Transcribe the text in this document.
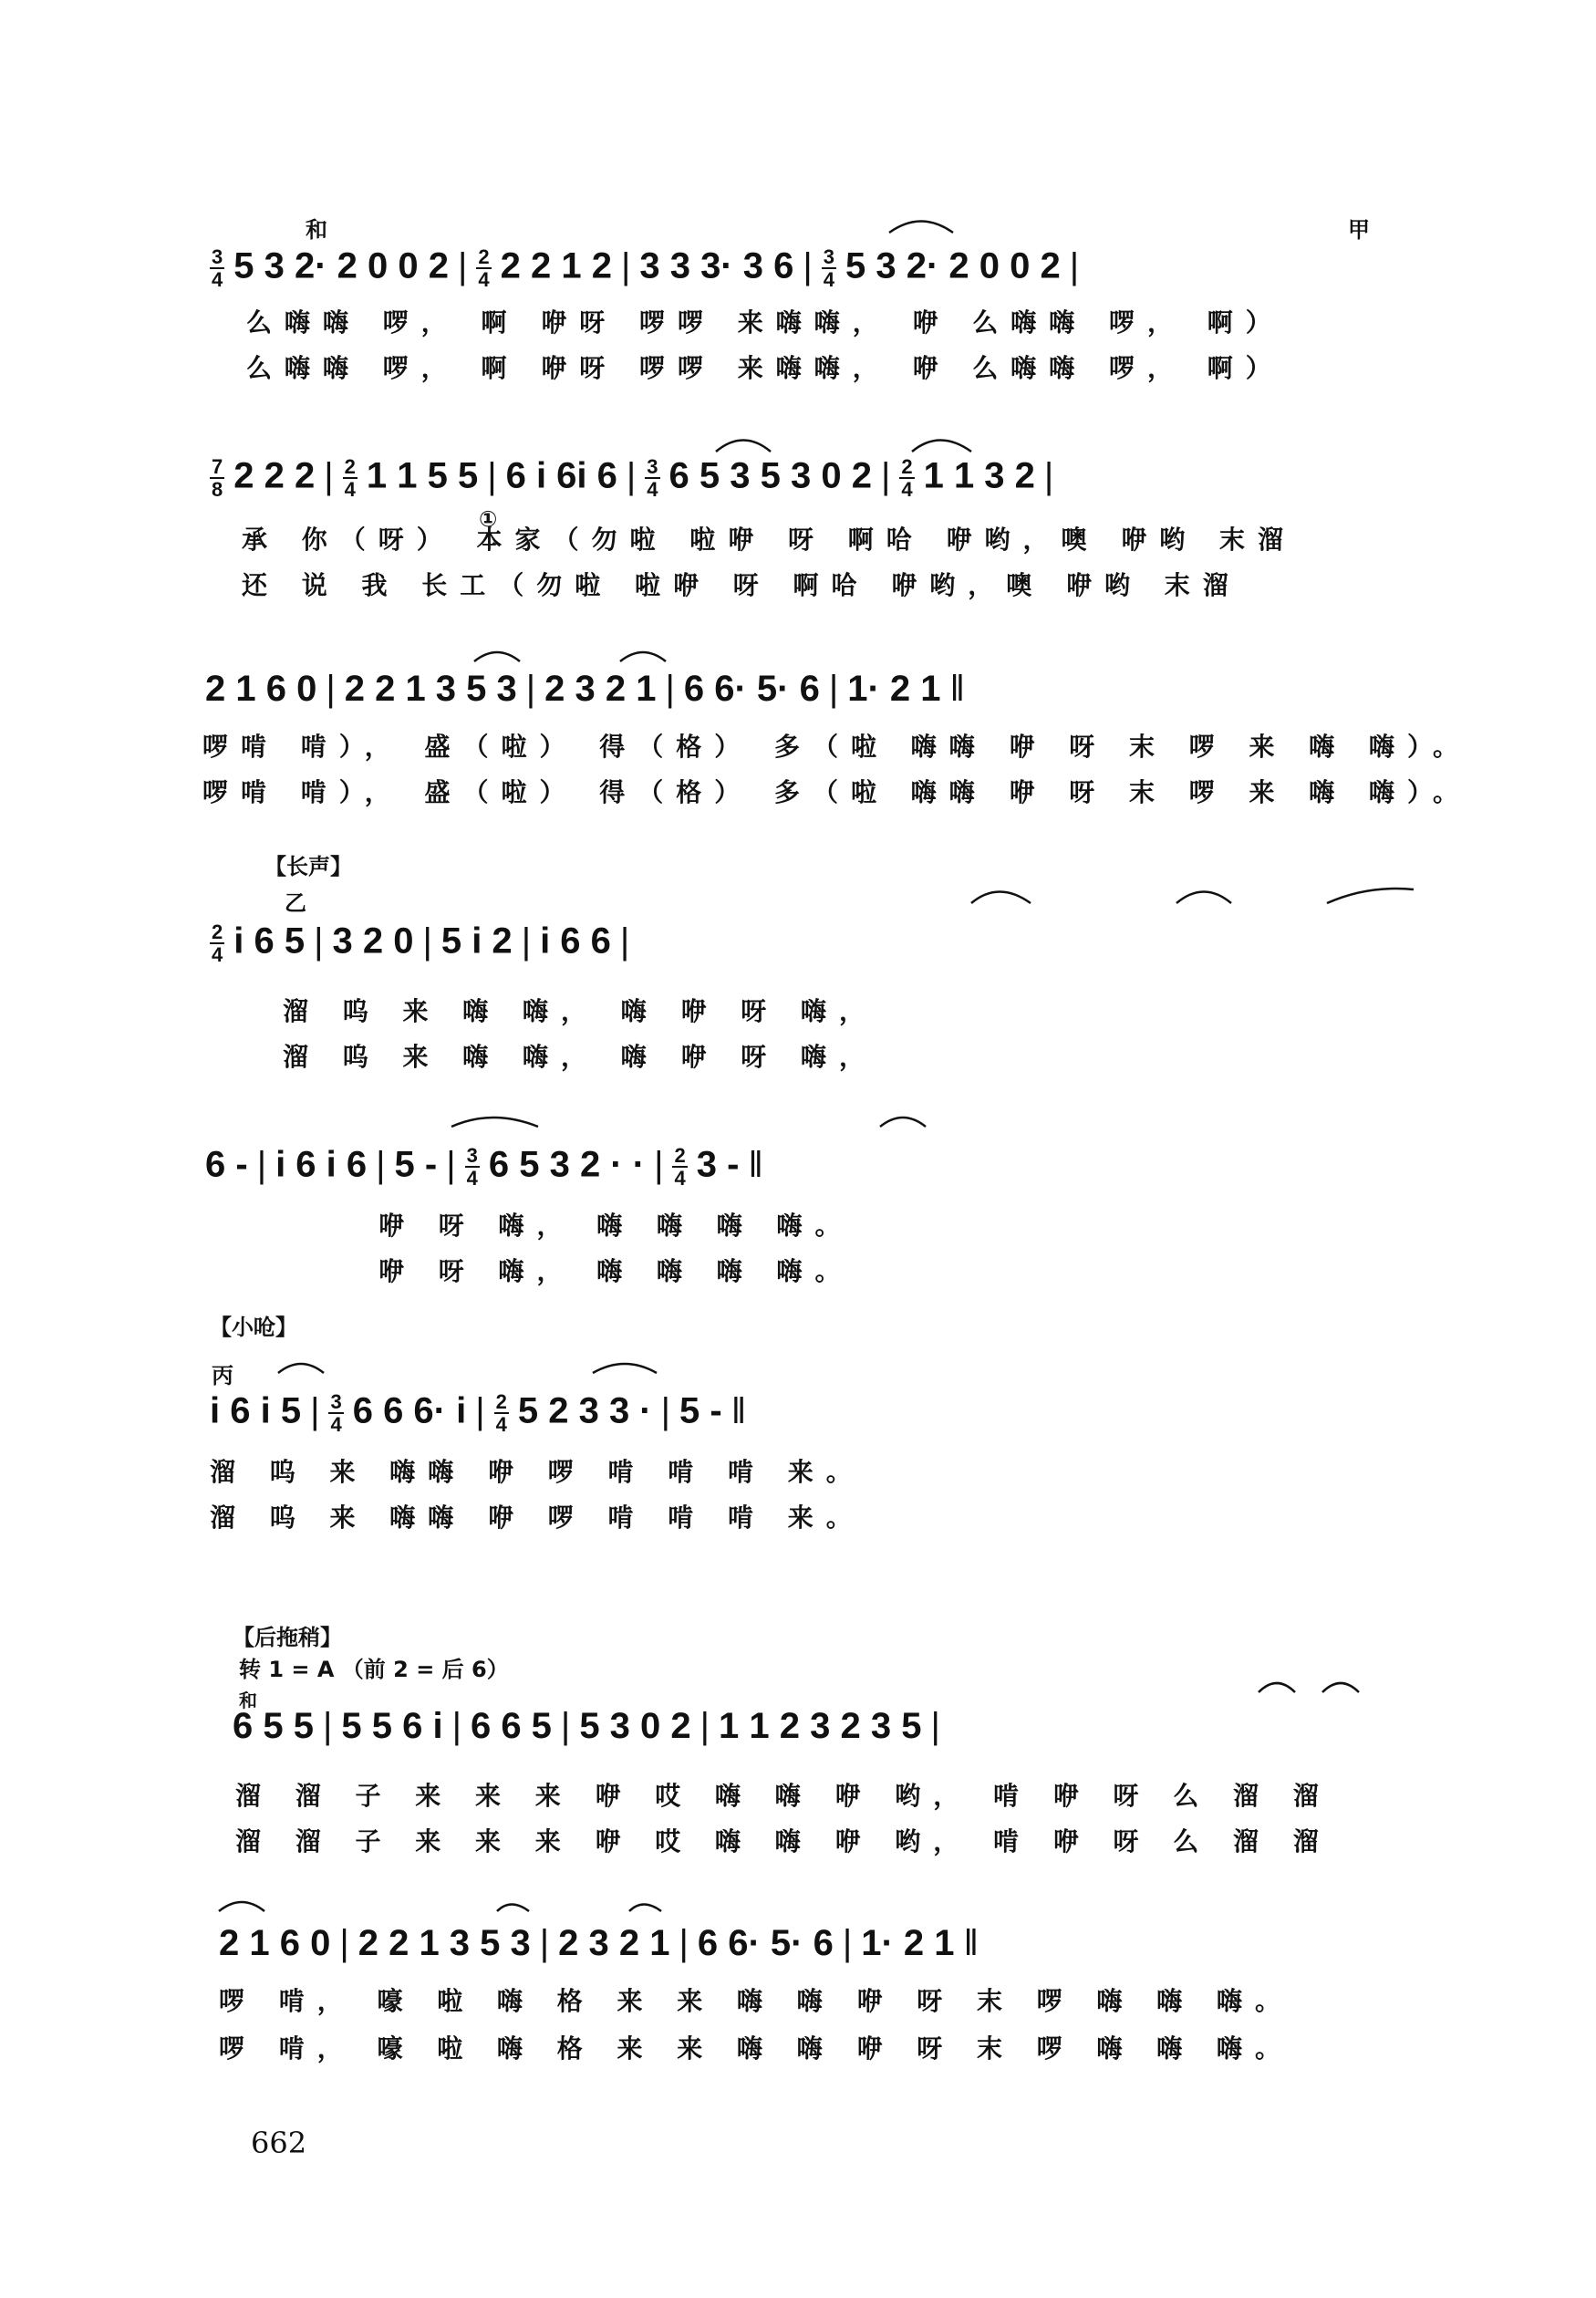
和	甲
$\frac{3}{4} 5$ 3 2· 2 0 0 2 | $\frac{2}{4} 2$ 2 1 2 | 3 3 3· 3 6 | $\frac{3}{4} 5$ 3 2· 2 0 0 2 |
么嗨嗨 啰， 啊 咿呀 啰啰 来嗨嗨， 咿 么嗨嗨 啰， 啊）
么嗨嗨 啰， 啊 咿呀 啰啰 来嗨嗨， 咿 么嗨嗨 啰， 啊）
①
$\frac{7}{8} 2$ 2 2 | $\frac{2}{4} 1$ 1 5 5 | 6 i 6i 6 | $\frac{3}{4} 6$ 5 3 5 3 0 2 | $\frac{2}{4} 1$ 1 3 2 |
承 你（呀） 本家（勿啦 啦咿 呀 啊哈 咿哟，噢 咿哟 末溜
还 说 我 长工（勿啦 啦咿 呀 啊哈 咿哟，噢 咿哟 末溜
2 1 6 0 | 2 2 1 3 5 3 | 2 3 2 1 | 6 6· 5· 6 | 1· 2 1 ‖
啰啃 啃）， 盛（啦） 得（格） 多（啦 嗨嗨 咿 呀 末 啰 来 嗨 嗨）。
啰啃 啃）， 盛（啦） 得（格） 多（啦 嗨嗨 咿 呀 末 啰 来 嗨 嗨）。
【长声】
乙
$\frac{2}{4}$ i 6 5 | 3 2 0 | 5 i 2 | i 6 6 |
溜 呜 来 嗨 嗨， 嗨 咿 呀 嗨，
溜 呜 来 嗨 嗨， 嗨 咿 呀 嗨，
6 - | i 6 i 6 | 5 - | $\frac{3}{4} 6$ 5 3 2 · · | $\frac{2}{4} 3$ - ‖
咿 呀 嗨， 嗨 嗨 嗨 嗨。
咿 呀 嗨， 嗨 嗨 嗨 嗨。
【小呛】
丙
i 6 i 5 | $\frac{3}{4} 6$ 6 6· i | $\frac{2}{4} 5$ 2 3 3 · | 5 - ‖
溜 呜 来 嗨嗨 咿 啰 啃 啃 啃 来。
溜 呜 来 嗨嗨 咿 啰 啃 啃 啃 来。
【后拖稍】
转 1 = A （前 2 = 后 6）
和
6 5 5 | 5 5 6 i | 6 6 5 | 5 3 0 2 | 1 1 2 3 2 3 5 |
溜 溜 子 来 来 来 咿 哎 嗨 嗨 咿 哟， 啃 咿 呀 么 溜 溜
溜 溜 子 来 来 来 咿 哎 嗨 嗨 咿 哟， 啃 咿 呀 么 溜 溜
2 1 6 0 | 2 2 1 3 5 3 | 2 3 2 1 | 6 6· 5· 6 | 1· 2 1 ‖
啰 啃， 嚎 啦 嗨 格 来 来 嗨 嗨 咿 呀 末 啰 嗨 嗨 嗨。
啰 啃， 嚎 啦 嗨 格 来 来 嗨 嗨 咿 呀 末 啰 嗨 嗨 嗨。
662
